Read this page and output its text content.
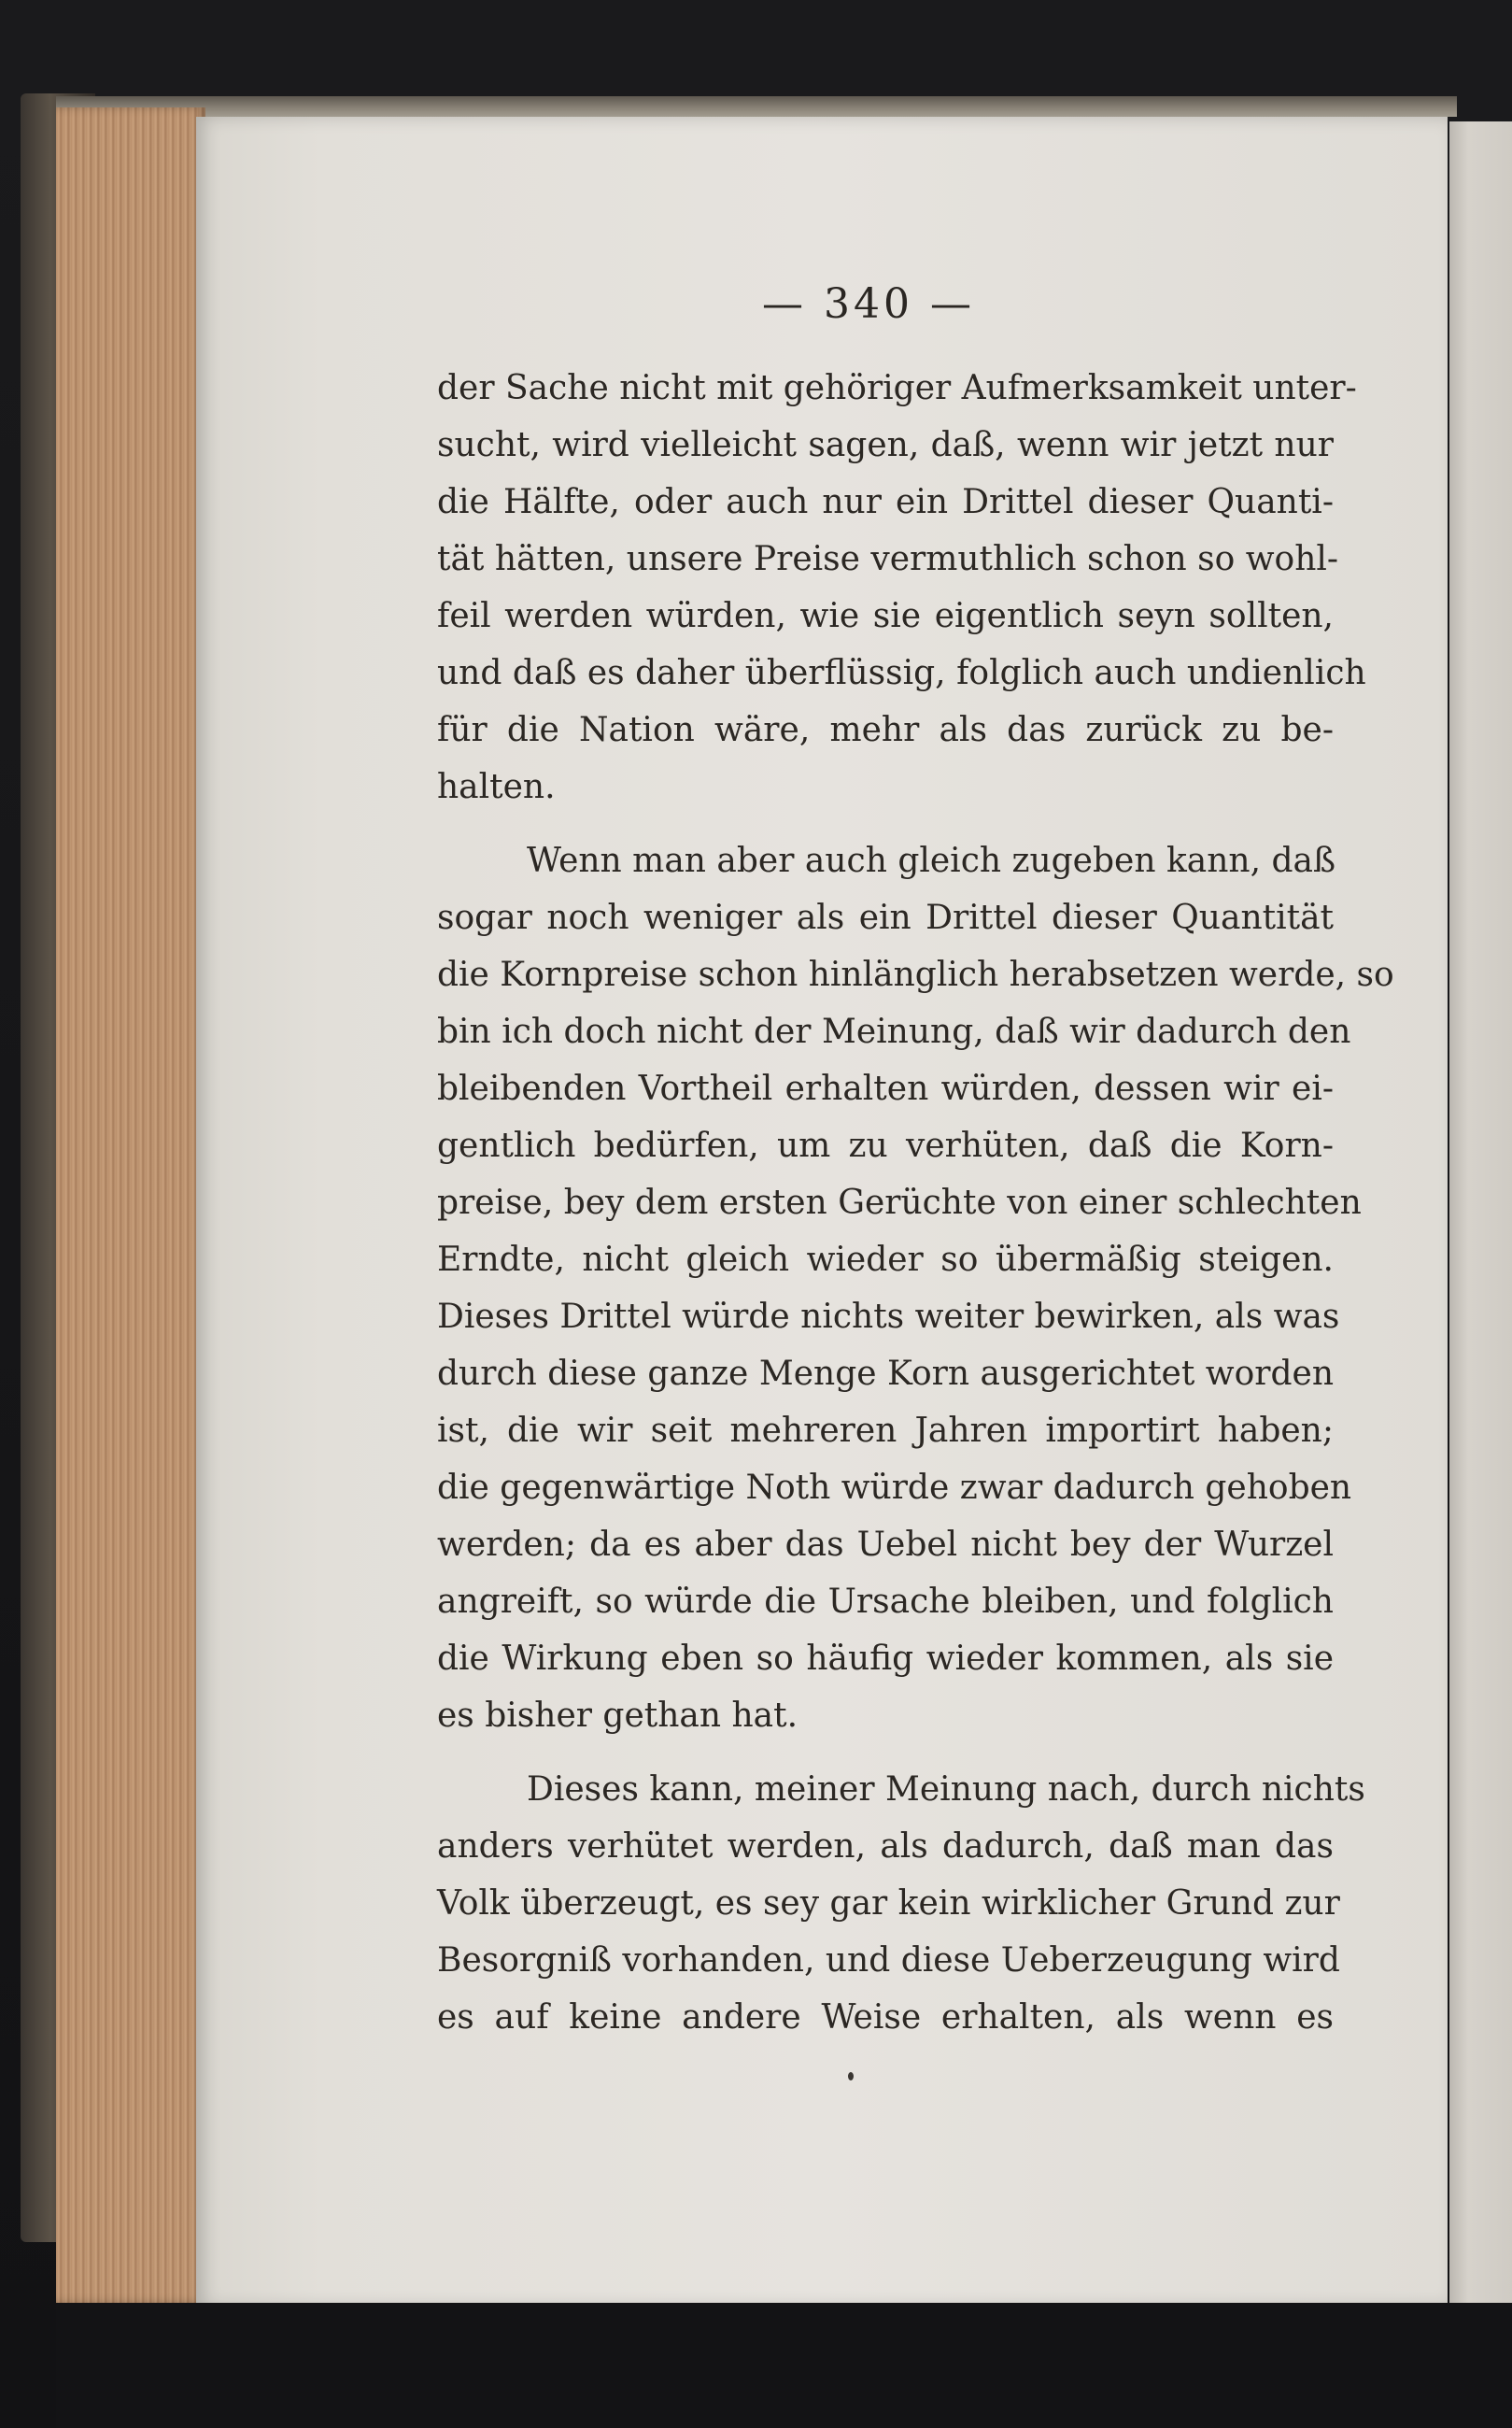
— 340 —
der Sache nicht mit gehöriger Aufmerksamkeit unter-
sucht, wird vielleicht sagen, daß, wenn wir jetzt nur
die Hälfte, oder auch nur ein Drittel dieser Quanti-
tät hätten, unsere Preise vermuthlich schon so wohl-
feil werden würden, wie sie eigentlich seyn sollten,
und daß es daher überflüssig, folglich auch undienlich
für die Nation wäre, mehr als das zurück zu be-
halten.
Wenn man aber auch gleich zugeben kann, daß
sogar noch weniger als ein Drittel dieser Quantität
die Kornpreise schon hinlänglich herabsetzen werde, so
bin ich doch nicht der Meinung, daß wir dadurch den
bleibenden Vortheil erhalten würden, dessen wir ei-
gentlich bedürfen, um zu verhüten, daß die Korn-
preise, bey dem ersten Gerüchte von einer schlechten
Erndte, nicht gleich wieder so übermäßig steigen.
Dieses Drittel würde nichts weiter bewirken, als was
durch diese ganze Menge Korn ausgerichtet worden
ist, die wir seit mehreren Jahren importirt haben;
die gegenwärtige Noth würde zwar dadurch gehoben
werden; da es aber das Uebel nicht bey der Wurzel
angreift, so würde die Ursache bleiben, und folglich
die Wirkung eben so häufig wieder kommen, als sie
es bisher gethan hat.
Dieses kann, meiner Meinung nach, durch nichts
anders verhütet werden, als dadurch, daß man das
Volk überzeugt, es sey gar kein wirklicher Grund zur
Besorgniß vorhanden, und diese Ueberzeugung wird
es auf keine andere Weise erhalten, als wenn es
